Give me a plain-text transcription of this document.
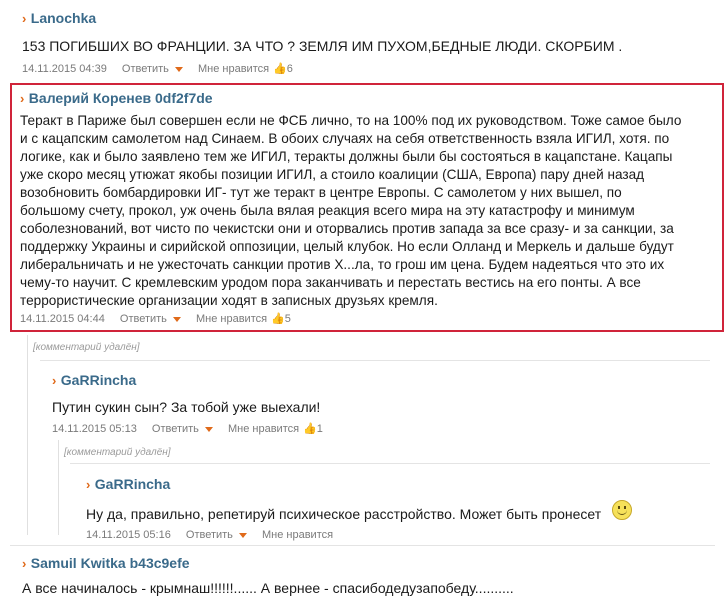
› Lanochka
153 ПОГИБШИХ ВО ФРАНЦИИ. ЗА ЧТО ? ЗЕМЛЯ ИМ ПУХОМ,БЕДНЫЕ ЛЮДИ. СКОРБИМ .
14.11.2015 04:39 Ответить	Мне нравится 👍6
› Валерий Коренев 0df2f7de
Теракт в Париже был совершен если не ФСБ лично, то на 100% под их руководством. Тоже самое было
и с кацапским самолетом над Синаем. В обоих случаях на себя ответственность взяла ИГИЛ, хотя. по
логике, как и было заявлено тем же ИГИЛ, теракты должны были бы состояться в кацапстане. Кацапы
уже скоро месяц утюжат якобы позиции ИГИЛ, а стоило коалиции (США, Европа) пару дней назад
возобновить бомбардировки ИГ- тут же теракт в центре Европы. С самолетом у них вышел, по
большому счету, прокол, уж очень была вялая реакция всего мира на эту катастрофу и минимум
соболезнований, вот чисто по чекистски они и оторвались против запада за все сразу- и за санкции, за
поддержку Украины и сирийской оппозиции, целый клубок. Но если Олланд и Меркель и дальше будут
либеральничать и не ужесточать санкции против Х...ла, то грош им цена. Будем надеяться что это их
чему-то научит. С кремлевским уродом пора заканчивать и перестать вестись на его понты. А все
террористические организации ходят в записных друзьях кремля.
14.11.2015 04:44 Ответить	Мне нравится 👍5
[комментарий удалён]
› GaRRincha
Путин сукин сын? За тобой уже выехали!
14.11.2015 05:13 Ответить	Мне нравится 👍1
[комментарий удалён]
› GaRRincha
Ну да, правильно, репетируй психическое расстройство. Может быть пронесет
14.11.2015 05:16 Ответить	Мне нравится
› Samuil Kwitka b43c9efe
А все начиналось - крымнаш!!!!!!...... А вернее - спасибодедузапобеду..........
